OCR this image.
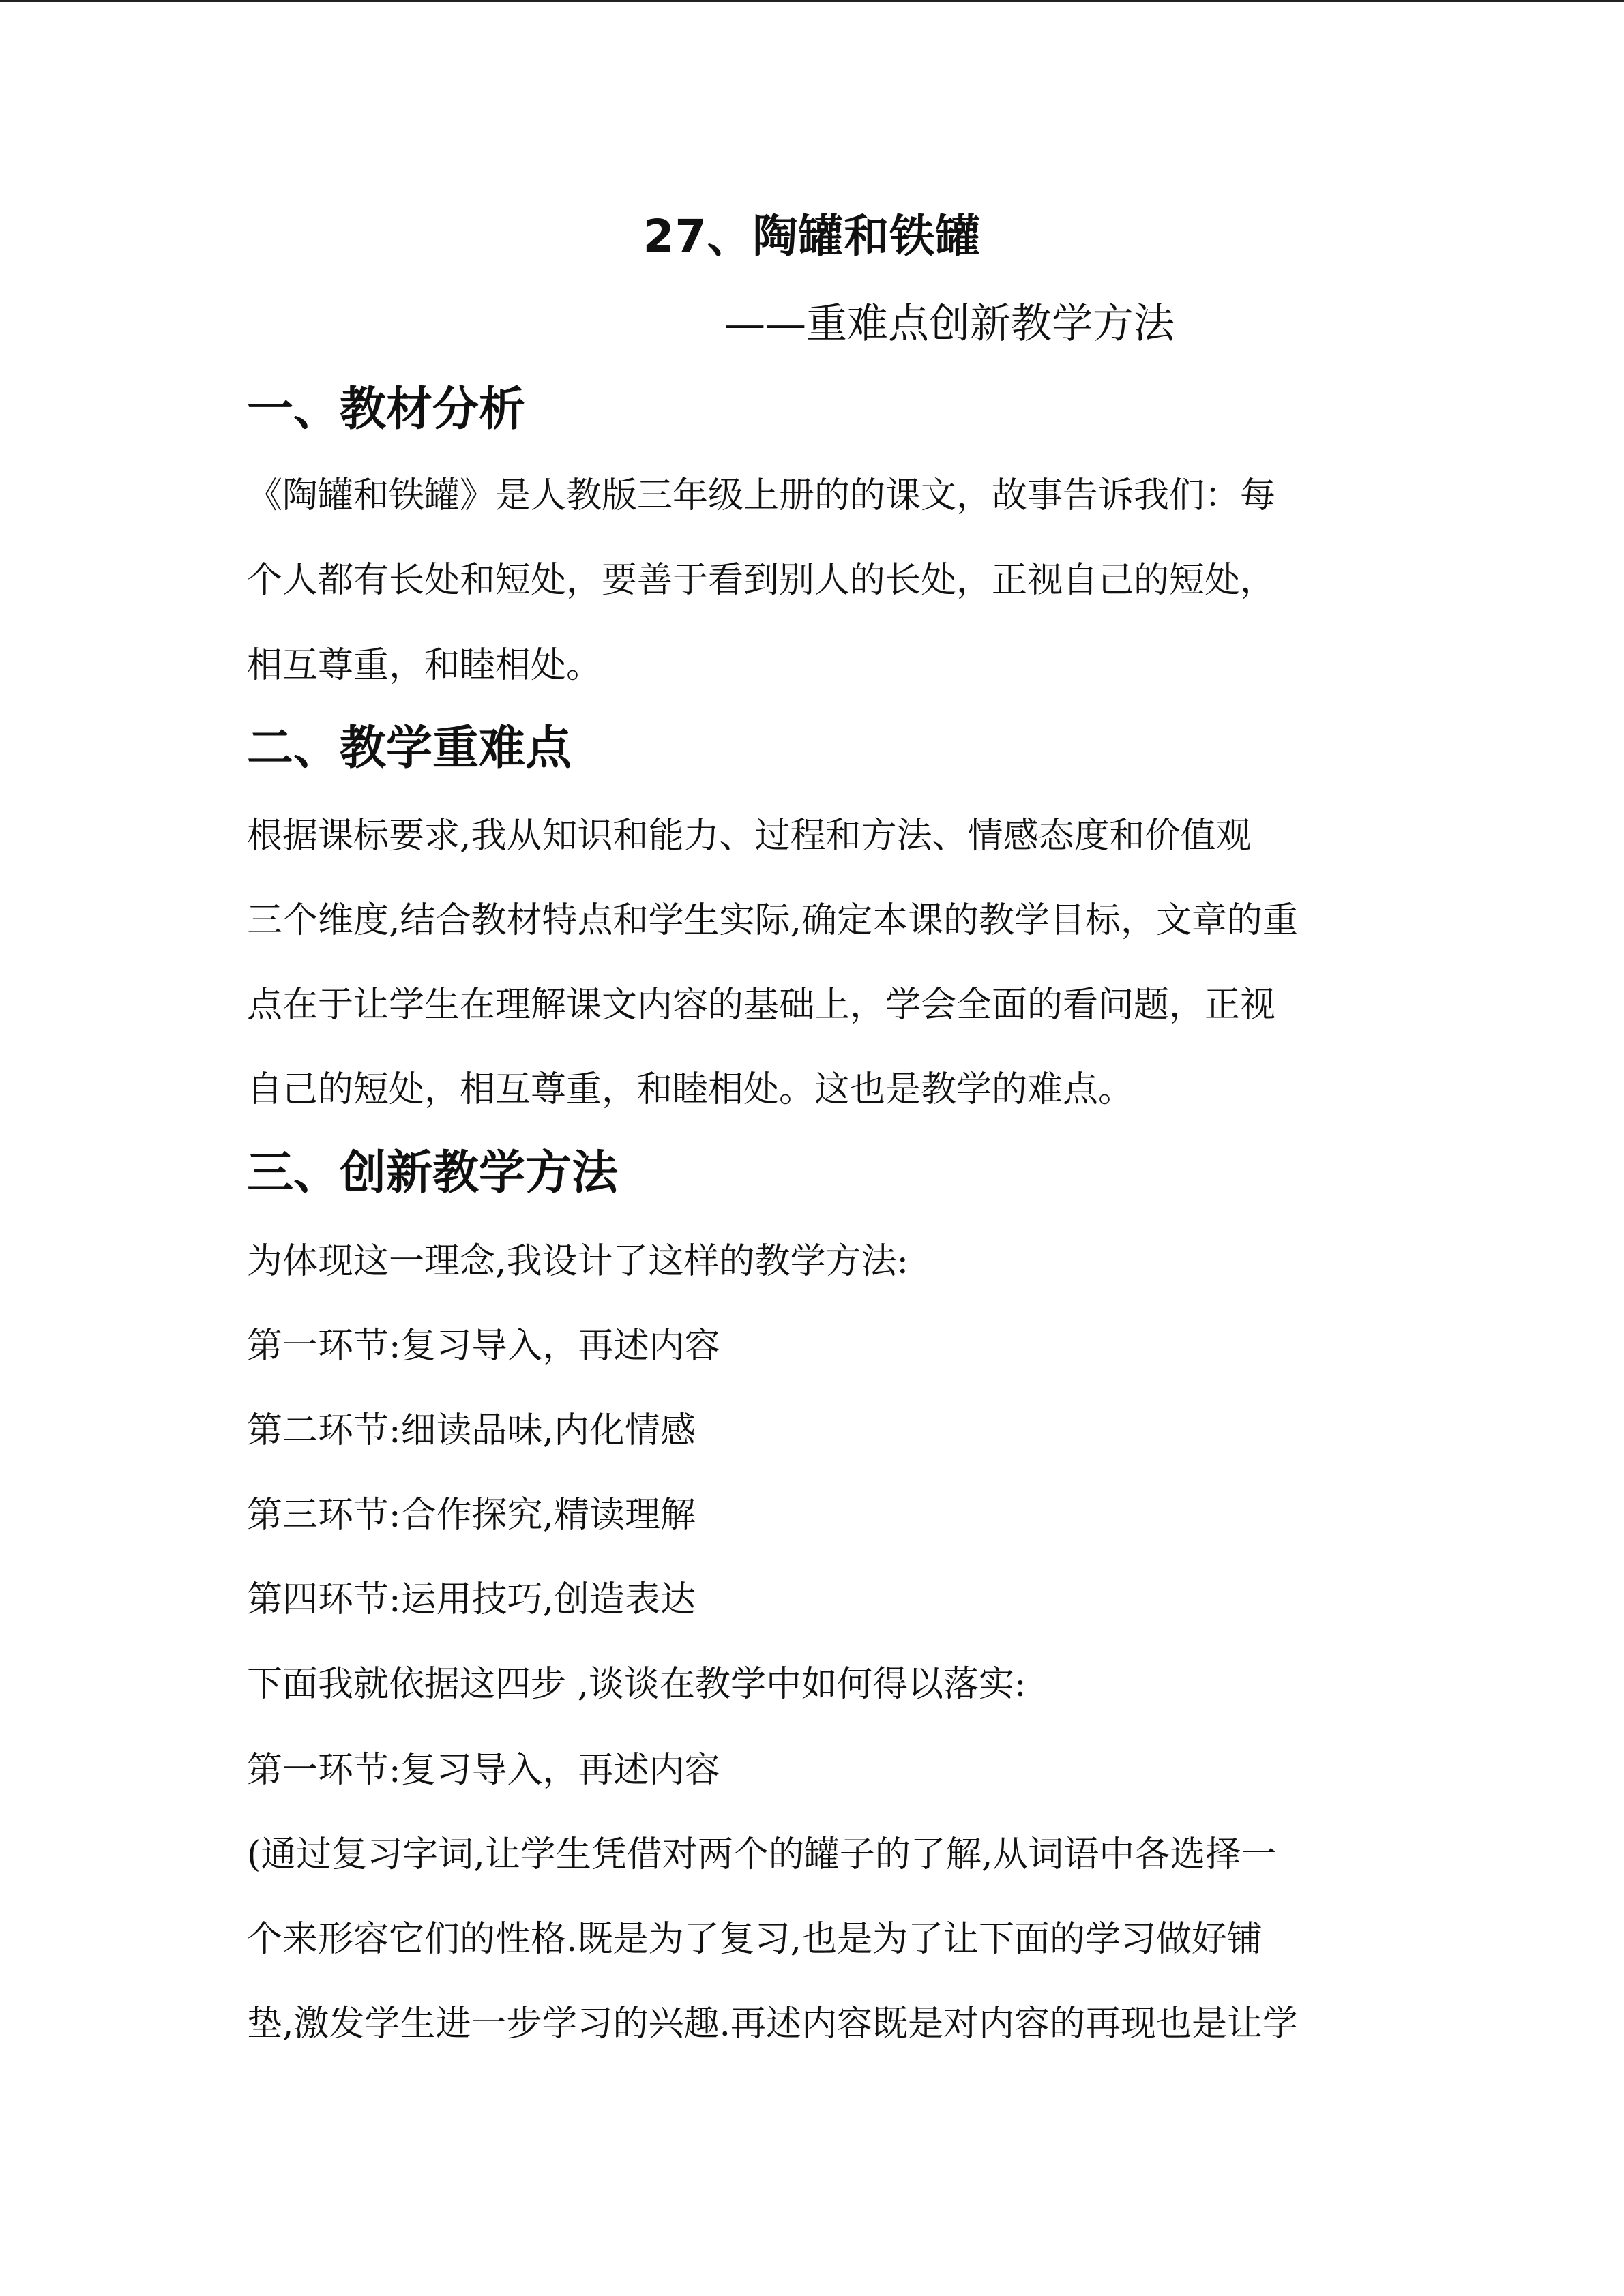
27、陶罐和铁罐
——重难点创新教学方法
一、教材分析
《陶罐和铁罐》是人教版三年级上册的的课文，故事告诉我们：每
个人都有长处和短处，要善于看到别人的长处，正视自己的短处，
相互尊重，和睦相处。
二、教学重难点
根据课标要求,我从知识和能力、过程和方法、情感态度和价值观
三个维度,结合教材特点和学生实际,确定本课的教学目标，文章的重
点在于让学生在理解课文内容的基础上，学会全面的看问题，正视
自己的短处，相互尊重，和睦相处。这也是教学的难点。
三、创新教学方法
为体现这一理念,我设计了这样的教学方法:
第一环节:复习导入，再述内容
第二环节:细读品味,内化情感
第三环节:合作探究,精读理解
第四环节:运用技巧,创造表达
下面我就依据这四步 ,谈谈在教学中如何得以落实:
第一环节:复习导入，再述内容
(通过复习字词,让学生凭借对两个的罐子的了解,从词语中各选择一
个来形容它们的性格.既是为了复习,也是为了让下面的学习做好铺
垫,激发学生进一步学习的兴趣.再述内容既是对内容的再现也是让学
